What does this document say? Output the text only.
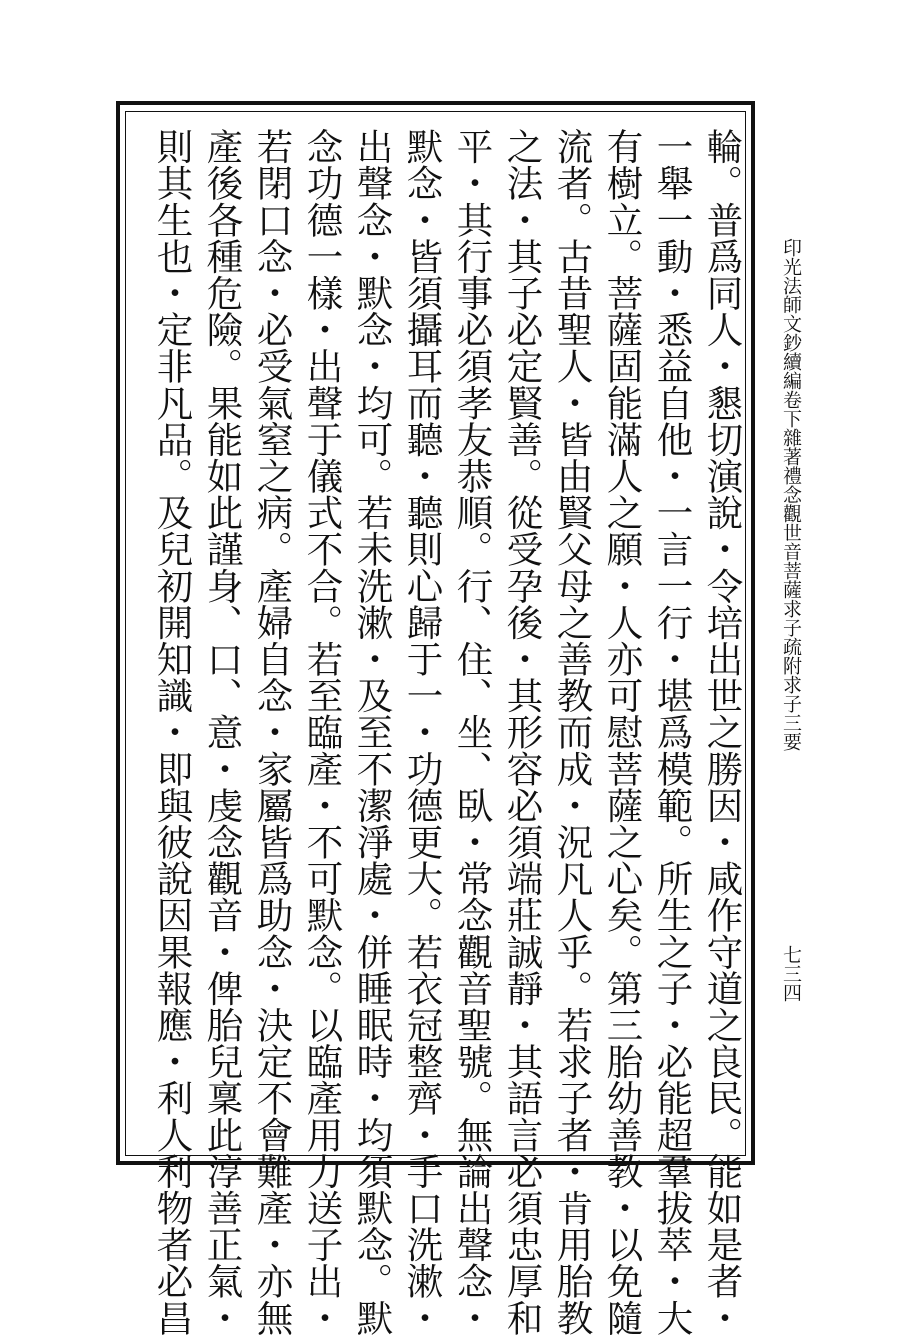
印光法師文鈔續編卷下雜著禮念觀世音菩薩求子疏附求子三要
七三四
輪。普爲同人・懇切演說・令培出世之勝因・咸作守道之良民。能如是者・
一舉一動・悉益自他・一言一行・堪爲模範。所生之子・必能超羣拔萃・大
有樹立。菩薩固能滿人之願・人亦可慰菩薩之心矣。第三胎幼善教・以免隨
流者。古昔聖人・皆由賢父母之善教而成・況凡人乎。若求子者・肯用胎教
之法・其子必定賢善。從受孕後・其形容必須端莊誠靜・其語言必須忠厚和
平・其行事必須孝友恭順。行、住、坐、臥・常念觀音聖號。無論出聲念・
默念・皆須攝耳而聽・聽則心歸于一・功德更大。若衣冠整齊・手口洗漱・
出聲念・默念・均可。若未洗漱・及至不潔淨處・併睡眠時・均須默念。默
念功德一樣・出聲于儀式不合。若至臨產・不可默念。以臨產用力送子出・
若閉口念・必受氣窒之病。產婦自念・家屬皆爲助念・決定不會難產・亦無
產後各種危險。果能如此謹身、口、意・虔念觀音・俾胎兒稟此淳善正氣・
則其生也・定非凡品。及兒初開知識・即與彼說因果報應・利人利物者必昌
